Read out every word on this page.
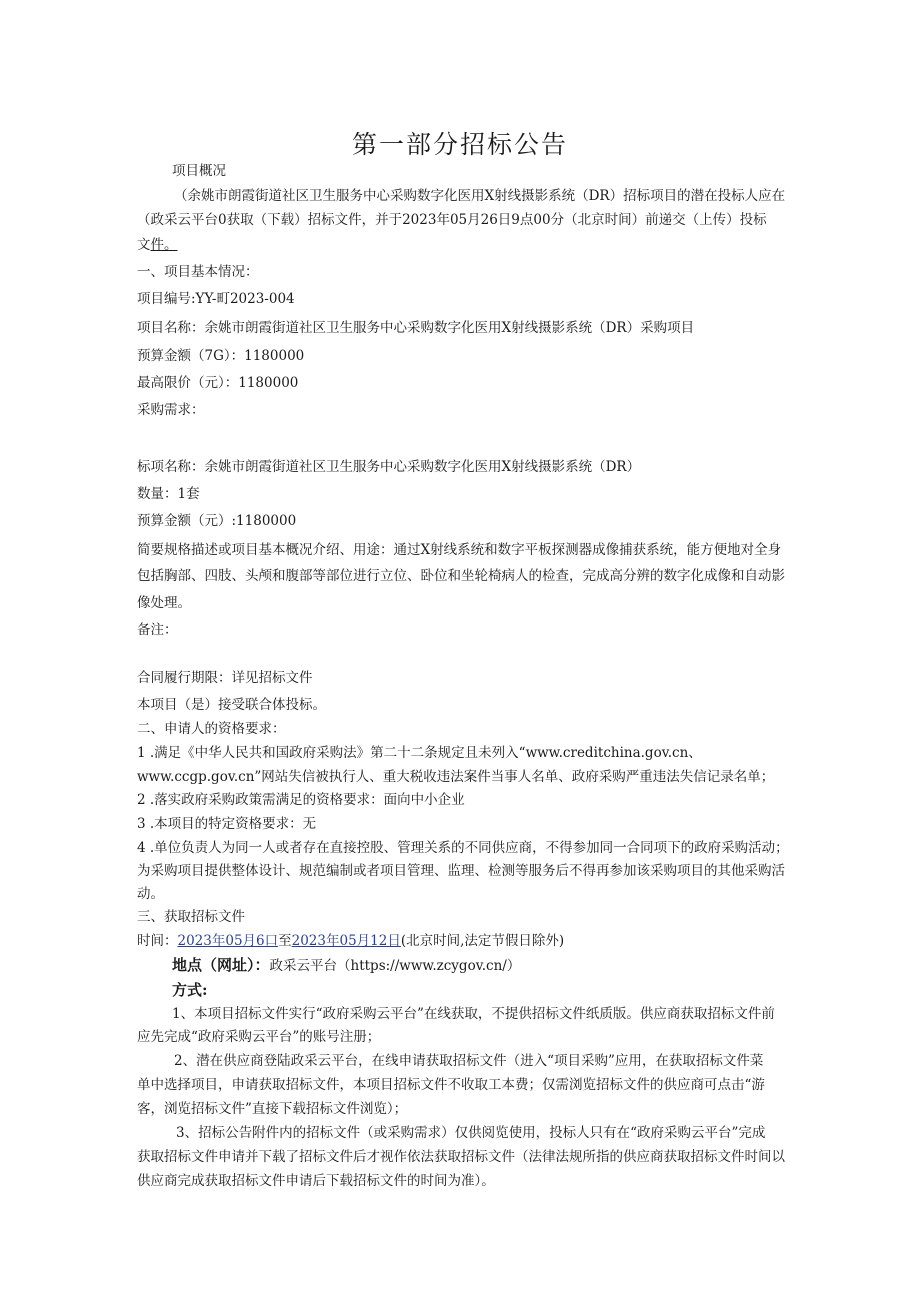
第一部分招标公告
项目概况
（余姚市朗霞街道社区卫生服务中心采购数字化医用X射线摄影系统（DR）招标项目的潜在投标人应在
（政采云平台0获取（下载）招标文件，并于2023年05月26日9点00分（北京时间）前递交（上传）投标
文件。
一、项目基本情况：
项目编号:YY-町2023-004
项目名称：余姚市朗霞街道社区卫生服务中心采购数字化医用X射线摄影系统（DR）采购项目
预算金额（7G）：1180000
最高限价（元）：1180000
采购需求：
标项名称：余姚市朗霞街道社区卫生服务中心采购数字化医用X射线摄影系统（DR）
数量：1套
预算金额（元）:1180000
简要规格描述或项目基本概况介绍、用途：通过X射线系统和数字平板探测器成像捕获系统，能方便地对全身
包括胸部、四肢、头颅和腹部等部位进行立位、卧位和坐轮椅病人的检查，完成高分辨的数字化成像和自动影
像处理。
备注：
合同履行期限：详见招标文件
本项目（是）接受联合体投标。
二、申请人的资格要求：
1 .满足《中华人民共和国政府采购法》第二十二条规定且未列入“www.creditchina.gov.cn、
www.ccgp.gov.cn”网站失信被执行人、重大税收违法案件当事人名单、政府采购严重违法失信记录名单；
2 .落实政府采购政策需满足的资格要求：面向中小企业
3 .本项目的特定资格要求：无
4 .单位负责人为同一人或者存在直接控股、管理关系的不同供应商，不得参加同一合同项下的政府采购活动；
为采购项目提供整体设计、规范编制或者项目管理、监理、检测等服务后不得再参加该采购项目的其他采购活
动。
三、获取招标文件
时间：2023年05月6口至2023年05月12日(北京时间,法定节假日除外)
地点（网址）：政采云平台（https://www.zcygov.cn/）
方式:
1、本项目招标文件实行“政府采购云平台”在线获取，不提供招标文件纸质版。供应商获取招标文件前
应先完成“政府采购云平台”的账号注册；
2、潜在供应商登陆政采云平台，在线申请获取招标文件（进入“项目采购”应用，在获取招标文件菜
单中选择项目，申请获取招标文件，本项目招标文件不收取工本费；仅需浏览招标文件的供应商可点击“游
客，浏览招标文件”直接下载招标文件浏览）；
3、招标公告附件内的招标文件（或采购需求）仅供阅览使用，投标人只有在“政府采购云平台”完成
获取招标文件申请并下载了招标文件后才视作依法获取招标文件（法律法规所指的供应商获取招标文件时间以
供应商完成获取招标文件申请后下载招标文件的时间为准）。
